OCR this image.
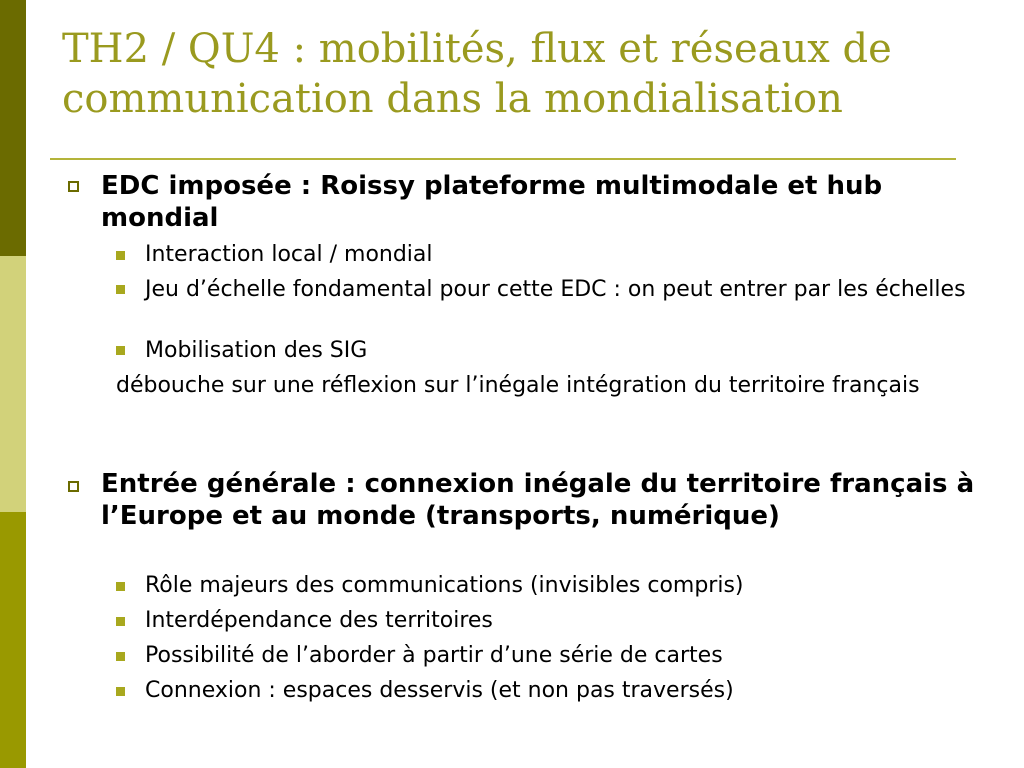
TH2 / QU4 : mobilités, flux et réseaux de communication dans la mondialisation

EDC imposée : Roissy plateforme multimodale et hub mondial

Interaction local / mondial

Jeu d’échelle fondamental pour cette EDC : on peut entrer par les échelles

Mobilisation des SIG

débouche sur une réflexion sur l’inégale intégration du territoire français

Entrée générale : connexion inégale du territoire français à l’Europe et au monde (transports, numérique)

Rôle majeurs des communications (invisibles compris)

Interdépendance des territoires

Possibilité de l’aborder à partir d’une série de cartes

Connexion : espaces desservis (et non pas traversés)
